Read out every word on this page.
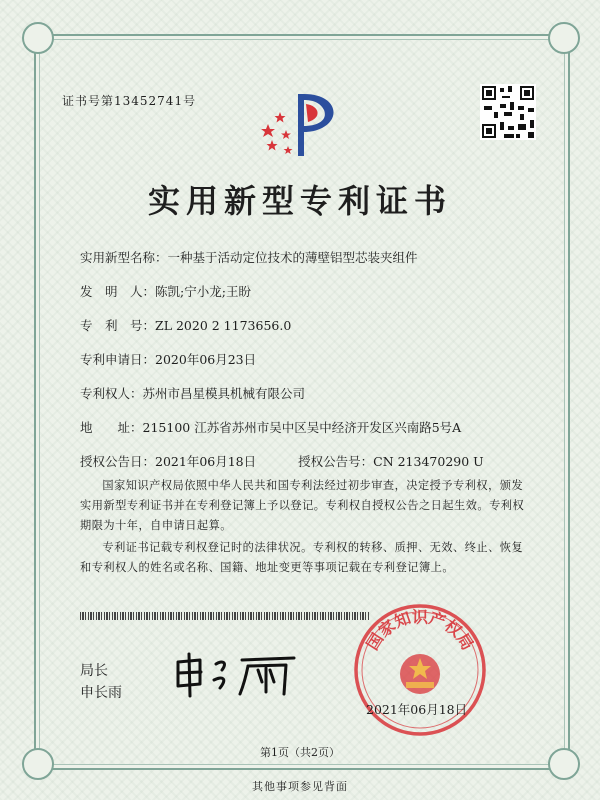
证书号第13452741号
实用新型专利证书
实用新型名称：一种基于活动定位技术的薄壁铝型芯装夹组件
发　明　人：陈凯;宁小龙;王盼
专　利　号：ZL 2020 2 1173656.0
专利申请日：2020年06月23日
专利权人：苏州市昌星模具机械有限公司
地　　址：215100 江苏省苏州市吴中区吴中经济开发区兴南路5号A
授权公告日：2021年06月18日	授权公告号：CN 213470290 U
国家知识产权局依照中华人民共和国专利法经过初步审查，决定授予专利权，颁发实用新型专利证书并在专利登记簿上予以登记。专利权自授权公告之日起生效。专利权期限为十年，自申请日起算。
专利证书记载专利权登记时的法律状况。专利权的转移、质押、无效、终止、恢复和专利权人的姓名或名称、国籍、地址变更等事项记载在专利登记簿上。
局长
申长雨
国家知识产权局
2021年06月18日
第1页（共2页）
其他事项参见背面
